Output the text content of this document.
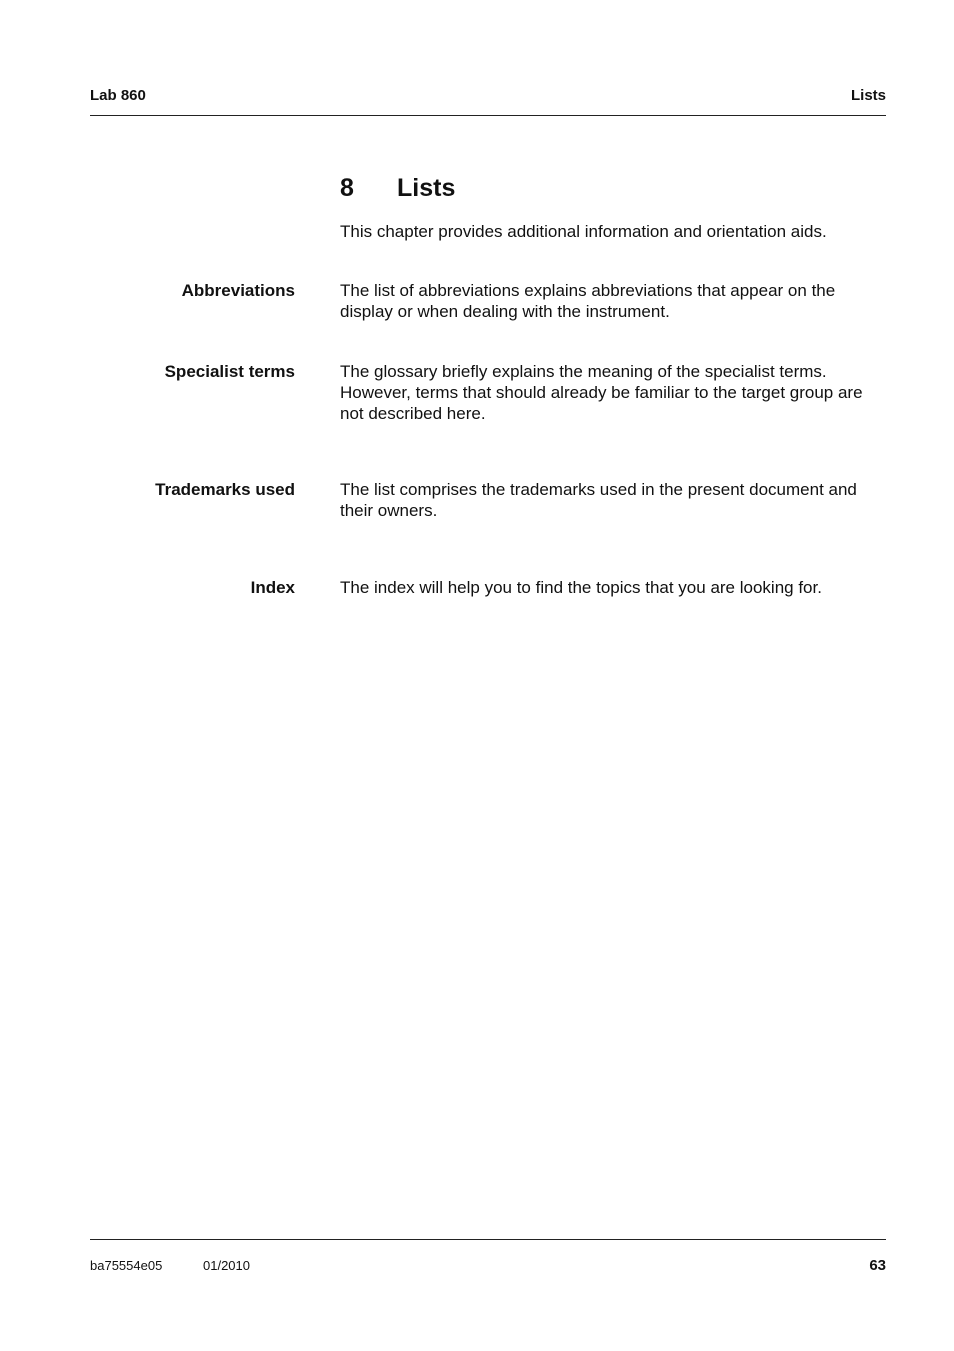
Lab 860	Lists
8 Lists
This chapter provides additional information and orientation aids.
Abbreviations	The list of abbreviations explains abbreviations that appear on the display or when dealing with the instrument.
Specialist terms	The glossary briefly explains the meaning of the specialist terms. However, terms that should already be familiar to the target group are not described here.
Trademarks used	The list comprises the trademarks used in the present document and their owners.
Index	The index will help you to find the topics that you are looking for.
ba75554e05	01/2010	63
